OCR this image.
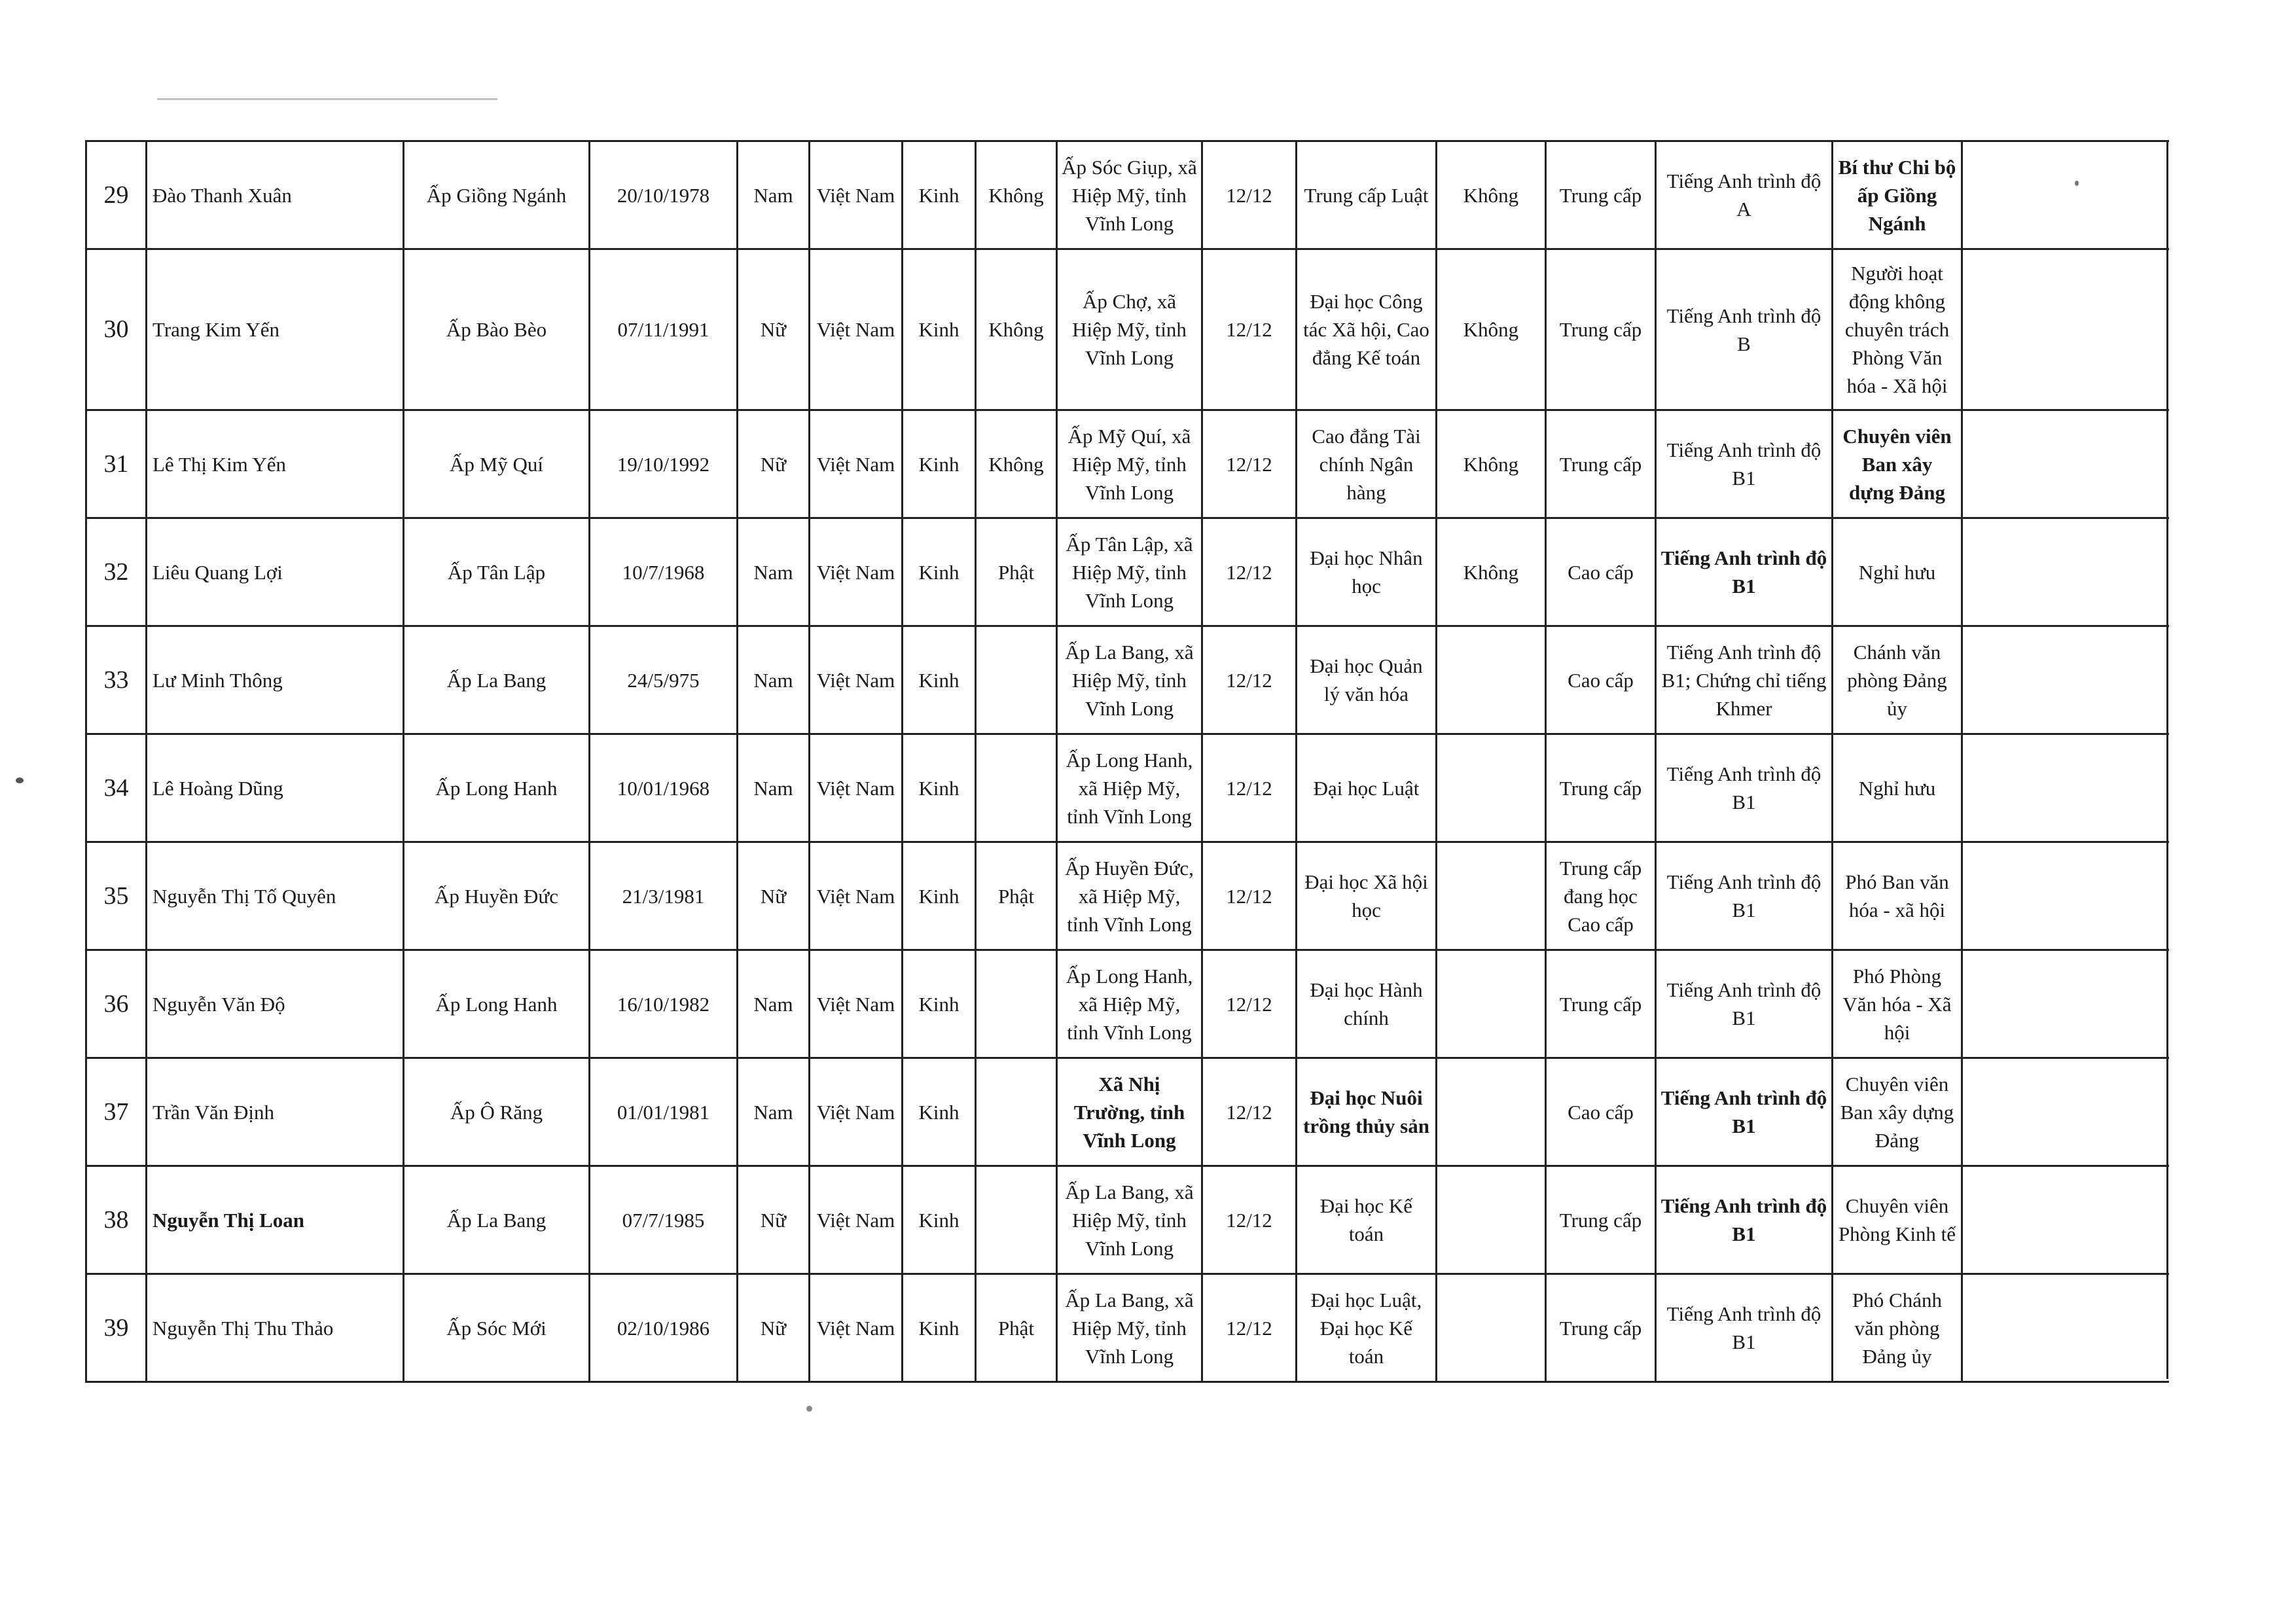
29	Đào Thanh Xuân	Ấp Giồng Ngánh	20/10/1978	Nam	Việt Nam	Kinh	Không	Ấp Sóc Giụp, xã Hiệp Mỹ, tỉnh Vĩnh Long	12/12	Trung cấp Luật	Không	Trung cấp	Tiếng Anh trình độ A	Bí thư Chi bộ ấp Giồng Ngánh	
30	Trang Kim Yến	Ấp Bào Bèo	07/11/1991	Nữ	Việt Nam	Kinh	Không	Ấp Chợ, xã Hiệp Mỹ, tỉnh Vĩnh Long	12/12	Đại học Công tác Xã hội, Cao đẳng Kế toán	Không	Trung cấp	Tiếng Anh trình độ B	Người hoạt động không chuyên trách Phòng Văn hóa - Xã hội	
31	Lê Thị Kim Yến	Ấp Mỹ Quí	19/10/1992	Nữ	Việt Nam	Kinh	Không	Ấp Mỹ Quí, xã Hiệp Mỹ, tỉnh Vĩnh Long	12/12	Cao đẳng Tài chính Ngân hàng	Không	Trung cấp	Tiếng Anh trình độ B1	Chuyên viên Ban xây dựng Đảng	
32	Liêu Quang Lợi	Ấp Tân Lập	10/7/1968	Nam	Việt Nam	Kinh	Phật	Ấp Tân Lập, xã Hiệp Mỹ, tỉnh Vĩnh Long	12/12	Đại học Nhân học	Không	Cao cấp	Tiếng Anh trình độ B1	Nghỉ hưu	
33	Lư Minh Thông	Ấp La Bang	24/5/975	Nam	Việt Nam	Kinh		Ấp La Bang, xã Hiệp Mỹ, tỉnh Vĩnh Long	12/12	Đại học Quản lý văn hóa		Cao cấp	Tiếng Anh trình độ B1; Chứng chỉ tiếng Khmer	Chánh văn phòng Đảng ủy	
34	Lê Hoàng Dũng	Ấp Long Hanh	10/01/1968	Nam	Việt Nam	Kinh		Ấp Long Hanh, xã Hiệp Mỹ, tỉnh Vĩnh Long	12/12	Đại học Luật		Trung cấp	Tiếng Anh trình độ B1	Nghỉ hưu	
35	Nguyễn Thị Tố Quyên	Ấp Huyền Đức	21/3/1981	Nữ	Việt Nam	Kinh	Phật	Ấp Huyền Đức, xã Hiệp Mỹ, tỉnh Vĩnh Long	12/12	Đại học Xã hội học		Trung cấp đang học Cao cấp	Tiếng Anh trình độ B1	Phó Ban văn hóa - xã hội	
36	Nguyễn Văn Độ	Ấp Long Hanh	16/10/1982	Nam	Việt Nam	Kinh		Ấp Long Hanh, xã Hiệp Mỹ, tỉnh Vĩnh Long	12/12	Đại học Hành chính		Trung cấp	Tiếng Anh trình độ B1	Phó Phòng Văn hóa - Xã hội	
37	Trần Văn Định	Ấp Ô Răng	01/01/1981	Nam	Việt Nam	Kinh		Xã Nhị Trường, tỉnh Vĩnh Long	12/12	Đại học Nuôi trồng thủy sản		Cao cấp	Tiếng Anh trình độ B1	Chuyên viên Ban xây dựng Đảng	
38	Nguyễn Thị Loan	Ấp La Bang	07/7/1985	Nữ	Việt Nam	Kinh		Ấp La Bang, xã Hiệp Mỹ, tỉnh Vĩnh Long	12/12	Đại học Kế toán		Trung cấp	Tiếng Anh trình độ B1	Chuyên viên Phòng Kinh tế	
39	Nguyễn Thị Thu Thảo	Ấp Sóc Mới	02/10/1986	Nữ	Việt Nam	Kinh	Phật	Ấp La Bang, xã Hiệp Mỹ, tỉnh Vĩnh Long	12/12	Đại học Luật, Đại học Kế toán		Trung cấp	Tiếng Anh trình độ B1	Phó Chánh văn phòng Đảng ủy	
